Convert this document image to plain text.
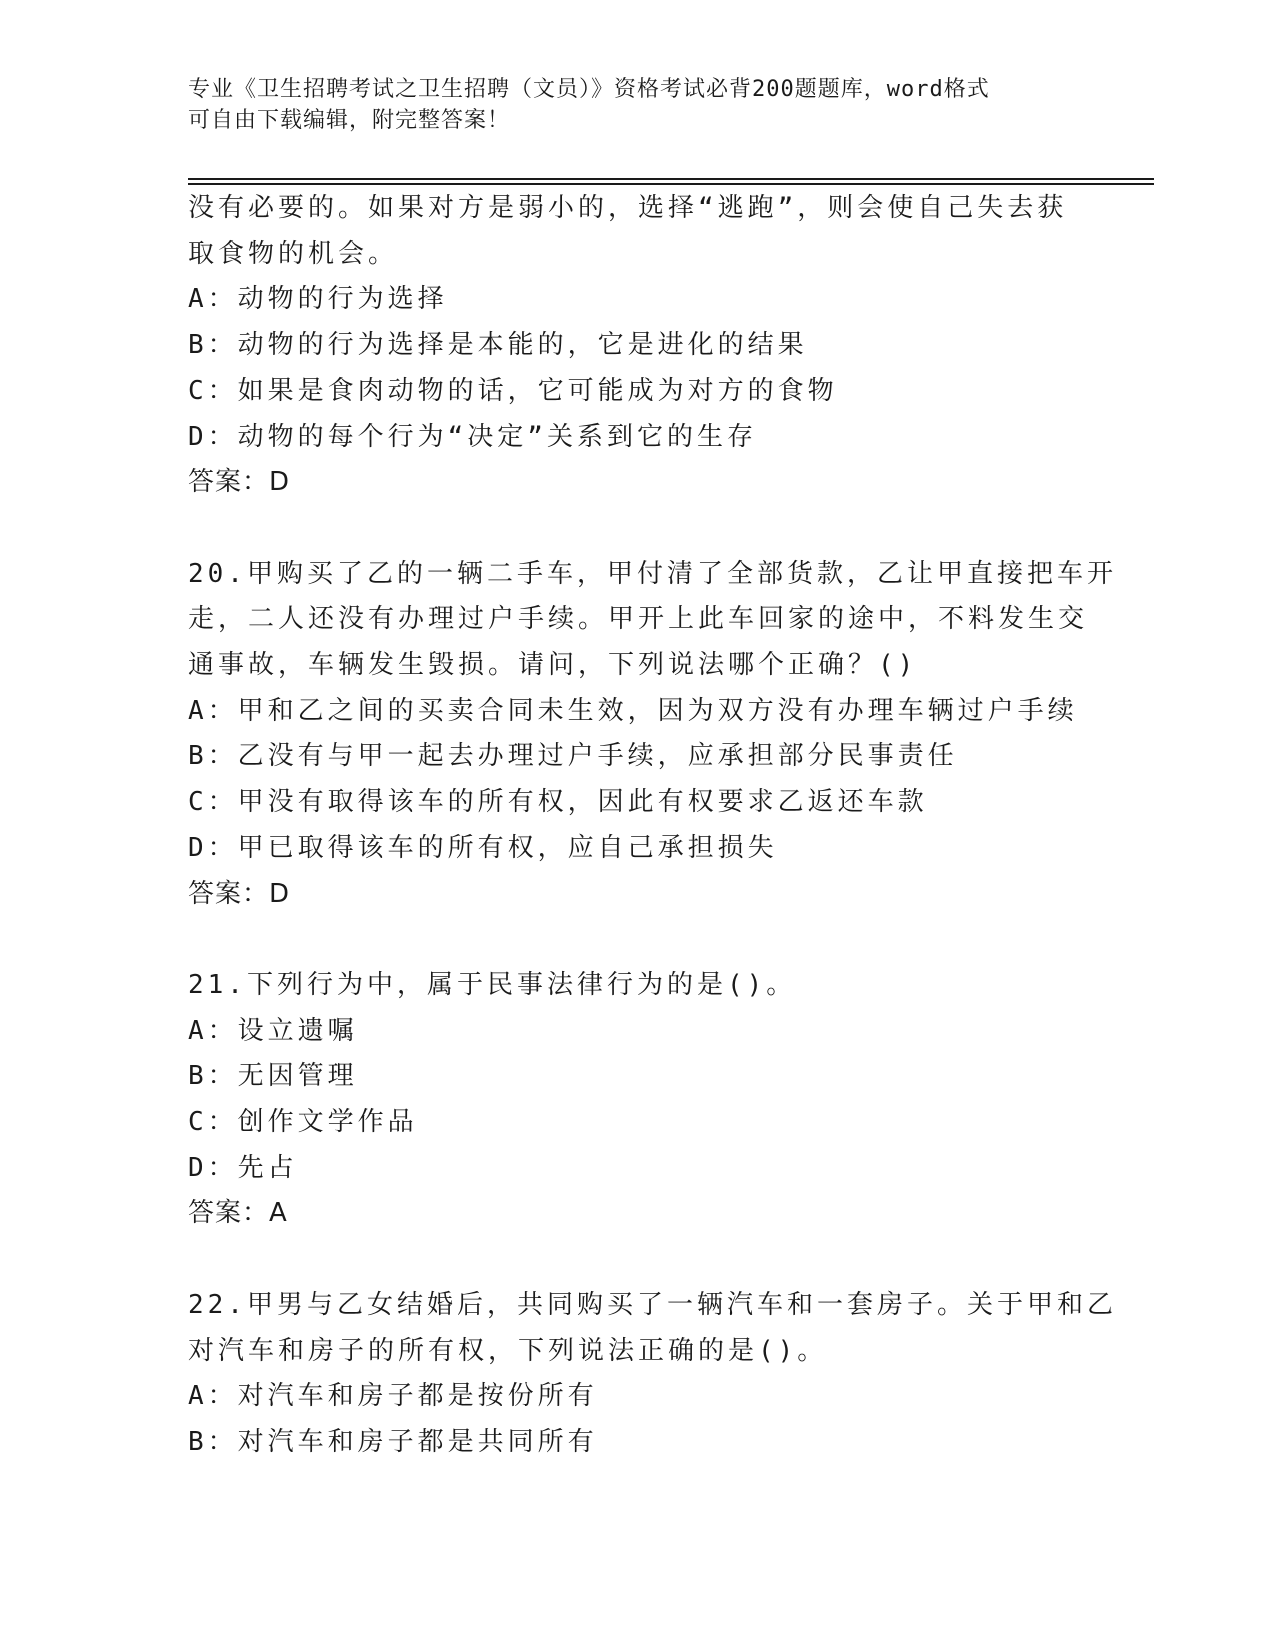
专业《卫生招聘考试之卫生招聘（文员）》资格考试必背200题题库，word格式
可自由下载编辑，附完整答案！
没有必要的。如果对方是弱小的，选择“逃跑”，则会使自己失去获
取食物的机会。
A：动物的行为选择
B：动物的行为选择是本能的，它是进化的结果
C：如果是食肉动物的话，它可能成为对方的食物
D：动物的每个行为“决定”关系到它的生存
答案：D
20.甲购买了乙的一辆二手车，甲付清了全部货款，乙让甲直接把车开
走，二人还没有办理过户手续。甲开上此车回家的途中，不料发生交
通事故，车辆发生毁损。请问，下列说法哪个正确？()
A：甲和乙之间的买卖合同未生效，因为双方没有办理车辆过户手续
B：乙没有与甲一起去办理过户手续，应承担部分民事责任
C：甲没有取得该车的所有权，因此有权要求乙返还车款
D：甲已取得该车的所有权，应自己承担损失
答案：D
21.下列行为中，属于民事法律行为的是()。
A：设立遗嘱
B：无因管理
C：创作文学作品
D：先占
答案：A
22.甲男与乙女结婚后，共同购买了一辆汽车和一套房子。关于甲和乙
对汽车和房子的所有权，下列说法正确的是()。
A：对汽车和房子都是按份所有
B：对汽车和房子都是共同所有
